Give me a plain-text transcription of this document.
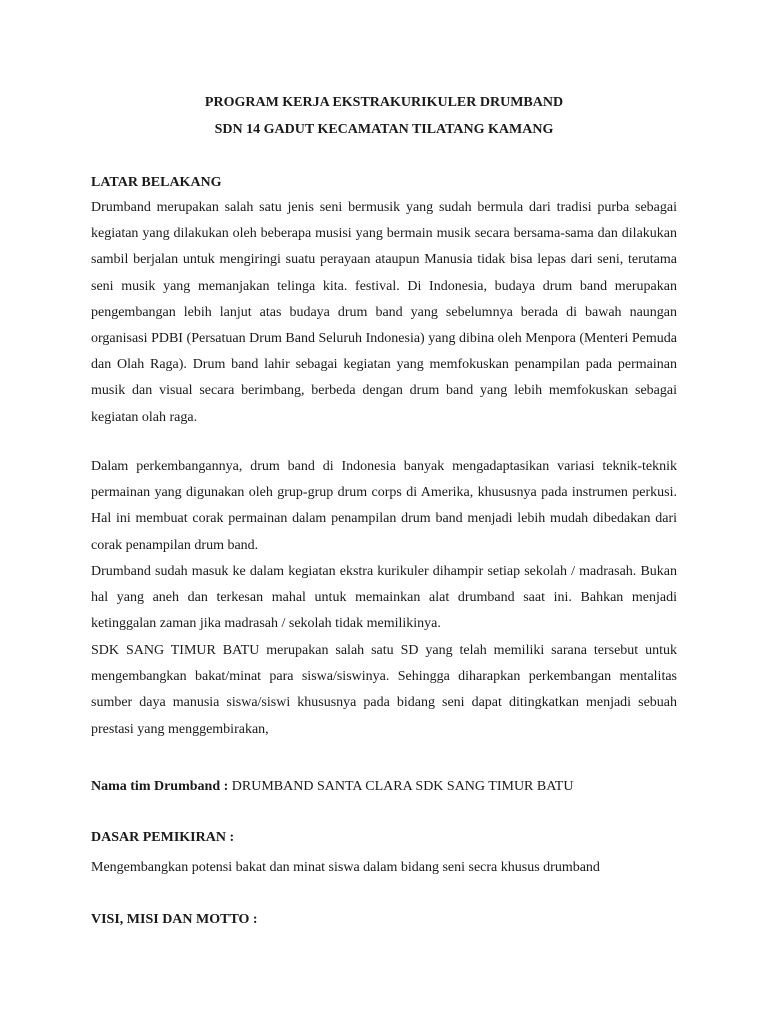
PROGRAM KERJA EKSTRAKURIKULER DRUMBAND
SDN 14 GADUT KECAMATAN TILATANG KAMANG
LATAR BELAKANG

Drumband merupakan salah satu jenis seni bermusik yang sudah bermula dari tradisi purba sebagai kegiatan yang dilakukan oleh beberapa musisi yang bermain musik secara bersama-sama dan dilakukan sambil berjalan untuk mengiringi suatu perayaan ataupun Manusia tidak bisa lepas dari seni, terutama seni musik yang memanjakan telinga kita. festival. Di Indonesia, budaya drum band merupakan pengembangan lebih lanjut atas budaya drum band yang sebelumnya berada di bawah naungan organisasi PDBI (Persatuan Drum Band Seluruh Indonesia) yang dibina oleh Menpora (Menteri Pemuda dan Olah Raga). Drum band lahir sebagai kegiatan yang memfokuskan penampilan pada permainan musik dan visual secara berimbang, berbeda dengan drum band yang lebih memfokuskan sebagai kegiatan olah raga.

Dalam perkembangannya, drum band di Indonesia banyak mengadaptasikan variasi teknik-teknik permainan yang digunakan oleh grup-grup drum corps di Amerika, khususnya pada instrumen perkusi. Hal ini membuat corak permainan dalam penampilan drum band menjadi lebih mudah dibedakan dari corak penampilan drum band.

Drumband sudah masuk ke dalam kegiatan ekstra kurikuler dihampir setiap sekolah / madrasah. Bukan hal yang aneh dan terkesan mahal untuk memainkan alat drumband saat ini. Bahkan menjadi ketinggalan zaman jika madrasah / sekolah tidak memilikinya.

SDK SANG TIMUR BATU merupakan salah satu SD yang telah memiliki sarana tersebut untuk mengembangkan bakat/minat para siswa/siswinya. Sehingga diharapkan perkembangan mentalitas sumber daya manusia siswa/siswi khususnya pada bidang seni dapat ditingkatkan menjadi sebuah prestasi yang menggembirakan,

Nama tim Drumband : DRUMBAND SANTA CLARA SDK SANG TIMUR BATU

DASAR PEMIKIRAN :

Mengembangkan potensi bakat dan minat siswa dalam bidang seni secra khusus drumband

VISI, MISI DAN MOTTO :
